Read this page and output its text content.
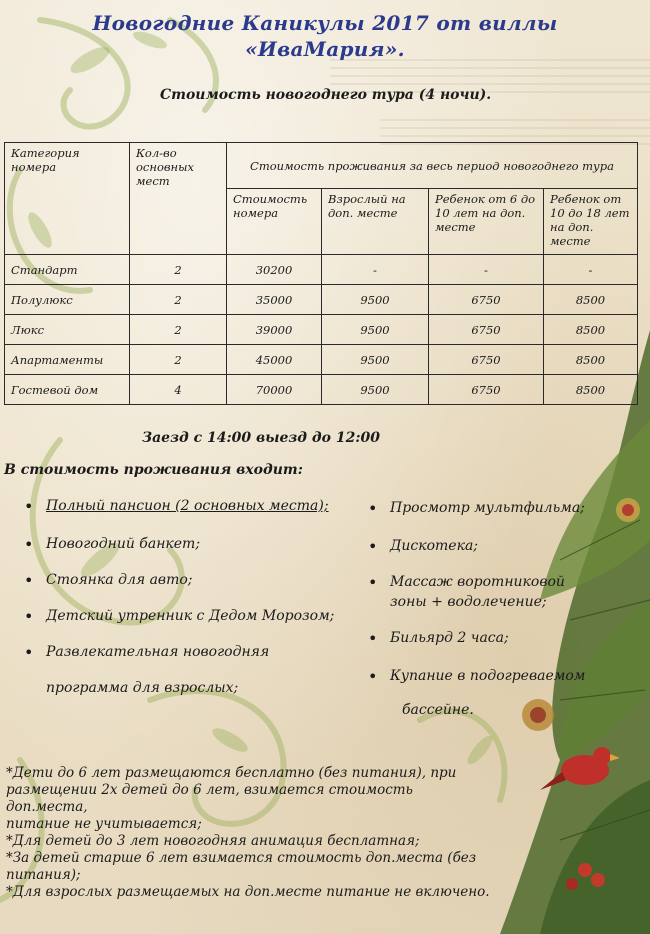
Новогодние Каникулы 2017 от виллы
«ИваМария».
Стоимость новогоднего тура (4 ночи).
Категория номера	Кол-во основных мест	Стоимость проживания за весь период новогоднего тура			
		Стоимость номера	Взрослый на доп. месте	Ребенок от 6 до 10 лет на доп. месте	Ребенок от 10 до 18 лет на доп. месте
Стандарт	2	30200	-	-	-
Полулюкс	2	35000	9500	6750	8500
Люкс	2	39000	9500	6750	8500
Апартаменты	2	45000	9500	6750	8500
Гостевой дом	4	70000	9500	6750	8500
Заезд с 14:00 выезд до 12:00
В стоимость проживания входит:
• Полный пансион (2 основных места);
• Новогодний банкет;
• Стоянка для авто;
• Детский утренник с Дедом Морозом;
• Развлекательная новогодняя
программа для взрослых;
• Просмотр мультфильма;
• Дискотека;
• Массаж воротниковой
зоны + водолечение;
• Бильярд 2 часа;
• Купание в подогреваемом
бассейне.
*Дети до 6 лет размещаются бесплатно (без питания), при
размещении 2х детей до 6 лет, взимается стоимость доп.места,
питание не учитывается;
*Для детей до 3 лет новогодняя анимация бесплатная;
*За детей старше 6 лет взимается стоимость доп.места (без
питания);
*Для взрослых размещаемых на доп.месте питание не включено.
